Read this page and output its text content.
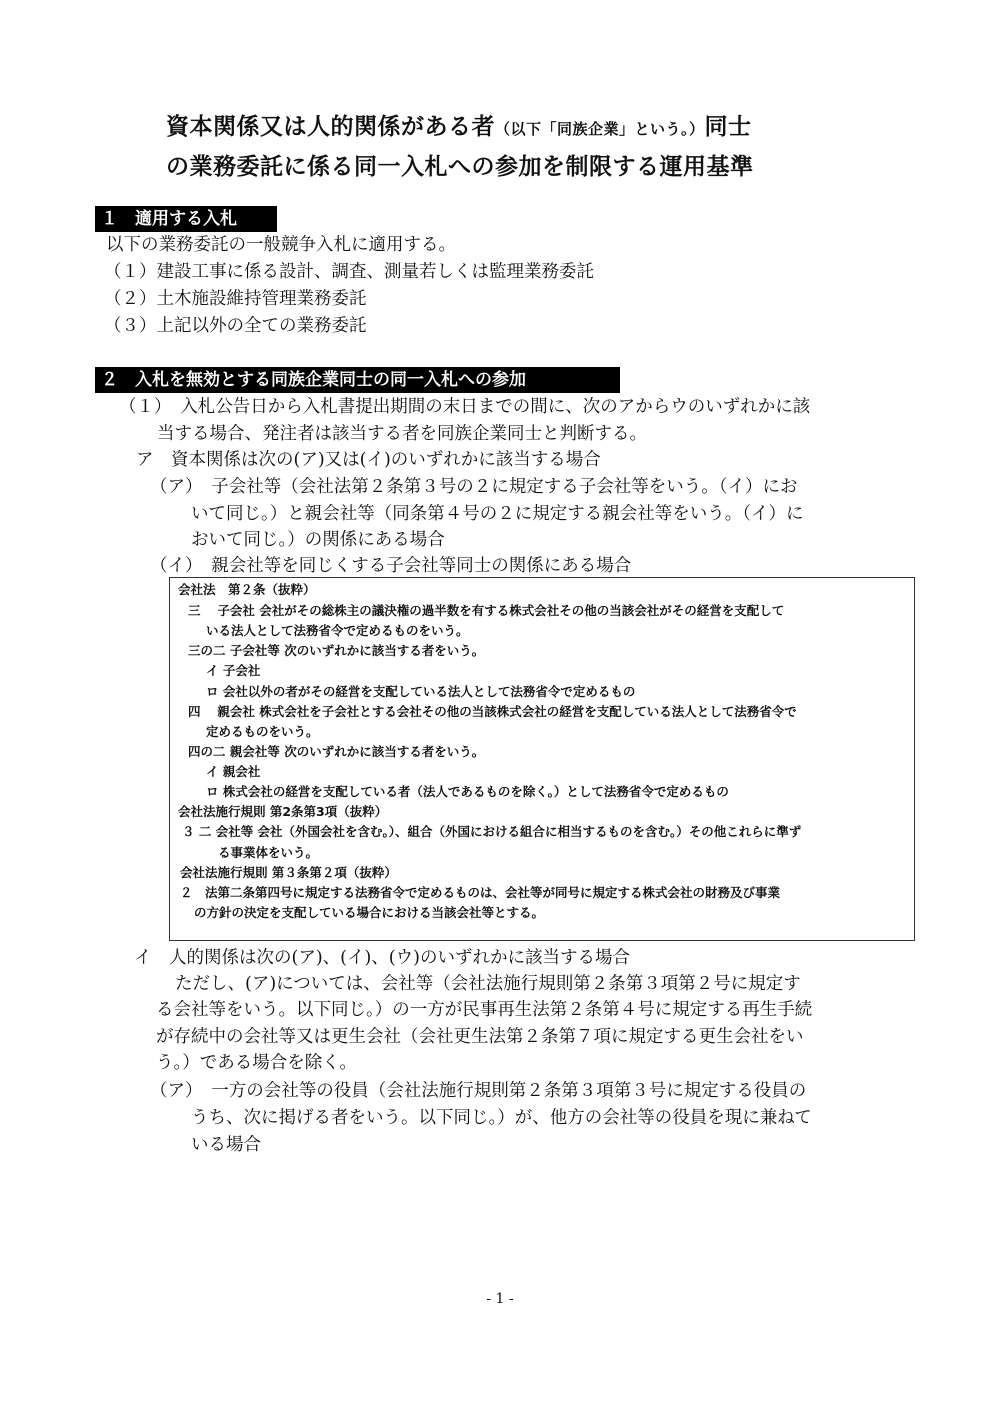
資本関係又は人的関係がある者（以下「同族企業」という。）同士
の業務委託に係る同一入札への参加を制限する運用基準
１　適用する入札
以下の業務委託の一般競争入札に適用する。
（１）建設工事に係る設計、調査、測量若しくは監理業務委託
（２）土木施設維持管理業務委託
（３）上記以外の全ての業務委託
２　入札を無効とする同族企業同士の同一入札への参加
（１）　入札公告日から入札書提出期間の末日までの間に、次のアからウのいずれかに該
当する場合、発注者は該当する者を同族企業同士と判断する。
ア　資本関係は次の(ア)又は(イ)のいずれかに該当する場合
（ア）　子会社等（会社法第２条第３号の２に規定する子会社等をいう。（イ）にお
いて同じ。）と親会社等（同条第４号の２に規定する親会社等をいう。（イ）に
おいて同じ。）の関係にある場合
（イ）　親会社等を同じくする子会社等同士の関係にある場合
会社法　第２条（抜粋）
三　 子会社 会社がその総株主の議決権の過半数を有する株式会社その他の当該会社がその経営を支配して
いる法人として法務省令で定めるものをいう。
三の二 子会社等 次のいずれかに該当する者をいう。
イ 子会社
ロ 会社以外の者がその経営を支配している法人として法務省令で定めるもの
四　 親会社 株式会社を子会社とする会社その他の当該株式会社の経営を支配している法人として法務省令で
定めるものをいう。
四の二 親会社等 次のいずれかに該当する者をいう。
イ 親会社
ロ 株式会社の経営を支配している者（法人であるものを除く。）として法務省令で定めるもの
会社法施行規則 第2条第3項（抜粋）
３ 二 会社等 会社（外国会社を含む。）、組合（外国における組合に相当するものを含む。）その他これらに準ず
る事業体をいう。
会社法施行規則 第３条第２項（抜粋）
２　法第二条第四号に規定する法務省令で定めるものは、会社等が同号に規定する株式会社の財務及び事業
の方針の決定を支配している場合における当該会社等とする。
イ　人的関係は次の(ア)、(イ)、(ウ)のいずれかに該当する場合
ただし、(ア)については、会社等（会社法施行規則第２条第３項第２号に規定す
る会社等をいう。以下同じ。）の一方が民事再生法第２条第４号に規定する再生手続
が存続中の会社等又は更生会社（会社更生法第２条第７項に規定する更生会社をい
う。）である場合を除く。
（ア）　一方の会社等の役員（会社法施行規則第２条第３項第３号に規定する役員の
うち、次に掲げる者をいう。以下同じ。）が、他方の会社等の役員を現に兼ねて
いる場合
- 1 -
